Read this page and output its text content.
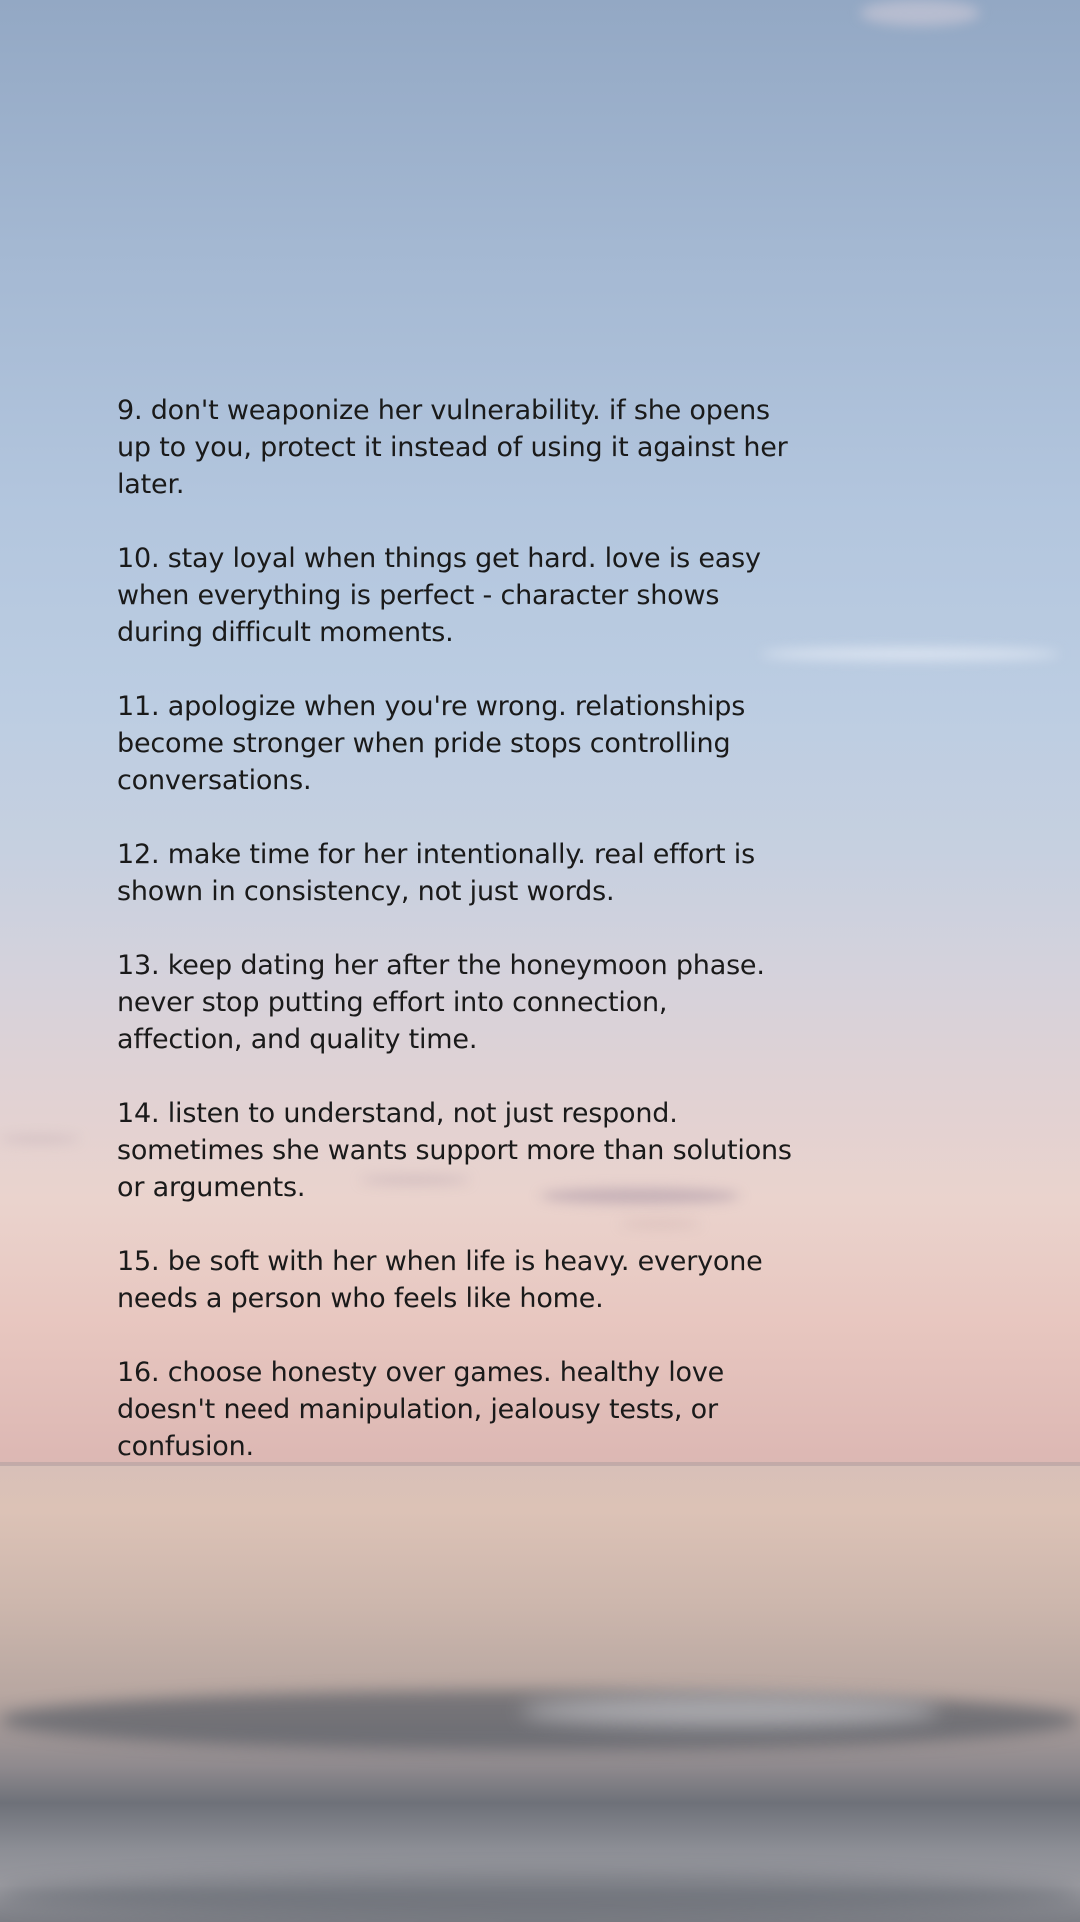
9. don't weaponize her vulnerability. if she opens
up to you, protect it instead of using it against her
later.

10. stay loyal when things get hard. love is easy
when everything is perfect - character shows
during difficult moments.

11. apologize when you're wrong. relationships
become stronger when pride stops controlling
conversations.

12. make time for her intentionally. real effort is
shown in consistency, not just words.

13. keep dating her after the honeymoon phase.
never stop putting effort into connection,
affection, and quality time.

14. listen to understand, not just respond.
sometimes she wants support more than solutions
or arguments.

15. be soft with her when life is heavy. everyone
needs a person who feels like home.

16. choose honesty over games. healthy love
doesn't need manipulation, jealousy tests, or
confusion.
